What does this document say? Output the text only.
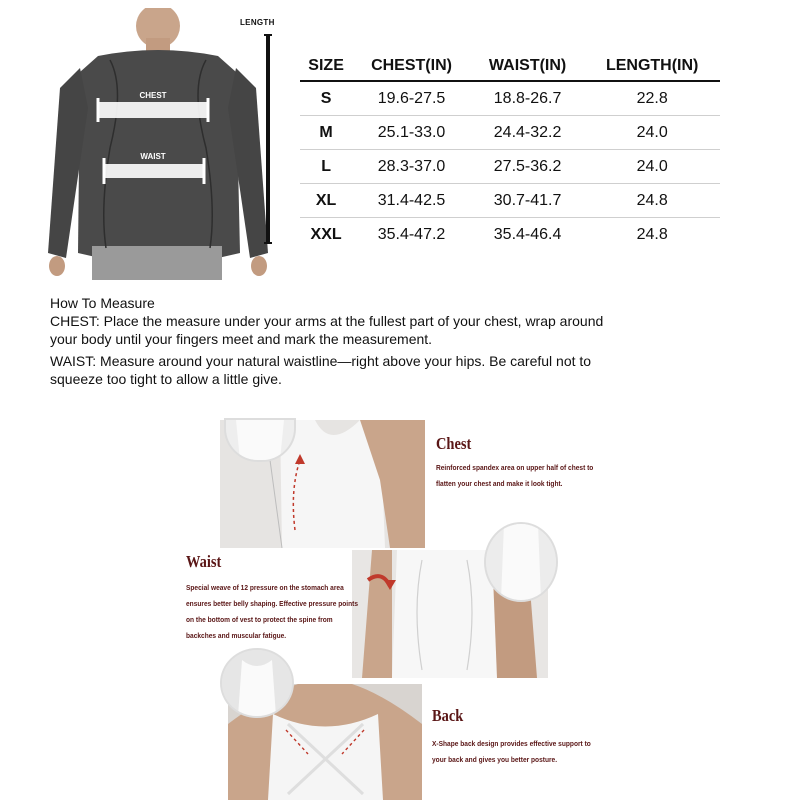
CHEST
WAIST
LENGTH
SIZE	CHEST(IN)	WAIST(IN)	LENGTH(IN)
S	19.6-27.5	18.8-26.7	22.8
M	25.1-33.0	24.4-32.2	24.0
L	28.3-37.0	27.5-36.2	24.0
XL	31.4-42.5	30.7-41.7	24.8
XXL	35.4-47.2	35.4-46.4	24.8
How To Measure

CHEST: Place the measure under your arms at the fullest part of your chest, wrap around your body until your fingers meet and mark the measurement.

WAIST: Measure around your natural waistline—right above your hips. Be careful not to squeeze too tight to allow a little give.

Chest
Reinforced spandex area on upper half of chest to flatten your chest and make it look tight.
Waist
Special weave of 12 pressure on the stomach area ensures better belly shaping. Effective pressure points on the bottom of vest to protect the spine from backches and muscular fatigue.
Back
X-Shape back design provides effective support to your back and gives you better posture.
